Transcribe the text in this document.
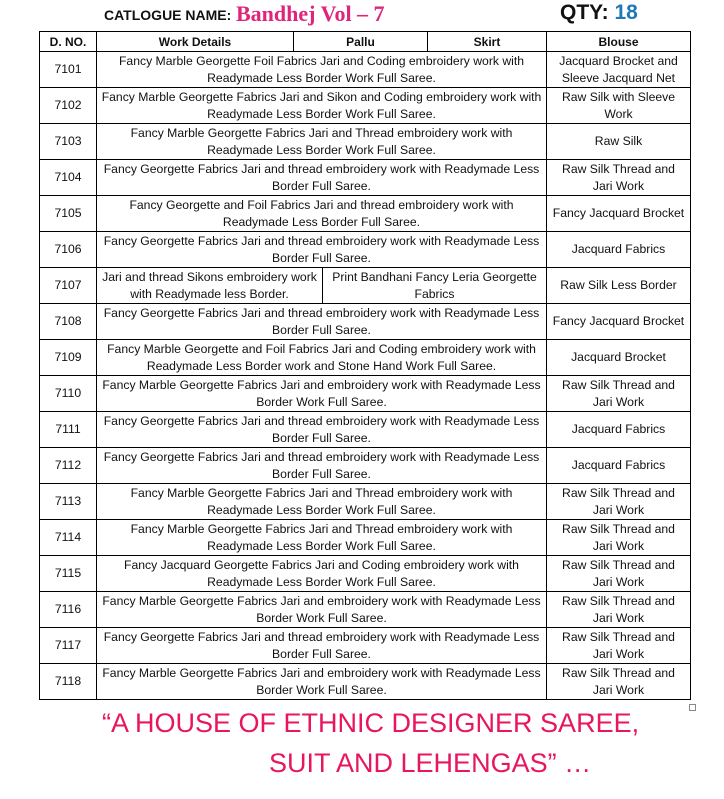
CATLOGUE NAME: Bandhej Vol – 7	QTY: 18
D. NO.	Work Details	Pallu		Skirt	Blouse
7101	Fancy Marble Georgette Foil Fabrics Jari and Coding embroidery work with Readymade Less Border Work Full Saree.				Jacquard Brocket and Sleeve Jacquard Net
7102	Fancy Marble Georgette Fabrics Jari and Sikon and Coding embroidery work with Readymade Less Border Work Full Saree.				Raw Silk with Sleeve Work
7103	Fancy Marble Georgette Fabrics Jari and Thread embroidery work with Readymade Less Border Work Full Saree.				Raw Silk
7104	Fancy Georgette Fabrics Jari and thread embroidery work with Readymade Less Border Full Saree.				Raw Silk Thread and Jari Work
7105	Fancy Georgette and Foil Fabrics Jari and thread embroidery work with Readymade Less Border Full Saree.				Fancy Jacquard Brocket
7106	Fancy Georgette Fabrics Jari and thread embroidery work with Readymade Less Border Full Saree.				Jacquard Fabrics
7107	Jari and thread Sikons embroidery work with Readymade less Border.		Print Bandhani Fancy Leria Georgette Fabrics		Raw Silk Less Border
7108	Fancy Georgette Fabrics Jari and thread embroidery work with Readymade Less Border Full Saree.				Fancy Jacquard Brocket
7109	Fancy Marble Georgette and Foil Fabrics Jari and Coding embroidery work with Readymade Less Border work and Stone Hand Work Full Saree.				Jacquard Brocket
7110	Fancy Marble Georgette Fabrics Jari and embroidery work with Readymade Less Border Work Full Saree.				Raw Silk Thread and Jari Work
7111	Fancy Georgette Fabrics Jari and thread embroidery work with Readymade Less Border Full Saree.				Jacquard Fabrics
7112	Fancy Georgette Fabrics Jari and thread embroidery work with Readymade Less Border Full Saree.				Jacquard Fabrics
7113	Fancy Marble Georgette Fabrics Jari and Thread embroidery work with Readymade Less Border Work Full Saree.				Raw Silk Thread and Jari Work
7114	Fancy Marble Georgette Fabrics Jari and Thread embroidery work with Readymade Less Border Work Full Saree.				Raw Silk Thread and Jari Work
7115	Fancy Jacquard Georgette Fabrics Jari and Coding embroidery work with Readymade Less Border Work Full Saree.				Raw Silk Thread and Jari Work
7116	Fancy Marble Georgette Fabrics Jari and embroidery work with Readymade Less Border Work Full Saree.				Raw Silk Thread and Jari Work
7117	Fancy Georgette Fabrics Jari and thread embroidery work with Readymade Less Border Full Saree.				Raw Silk Thread and Jari Work
7118	Fancy Marble Georgette Fabrics Jari and embroidery work with Readymade Less Border Work Full Saree.				Raw Silk Thread and Jari Work
“A HOUSE OF ETHNIC DESIGNER SAREE,
SUIT AND LEHENGAS” …
